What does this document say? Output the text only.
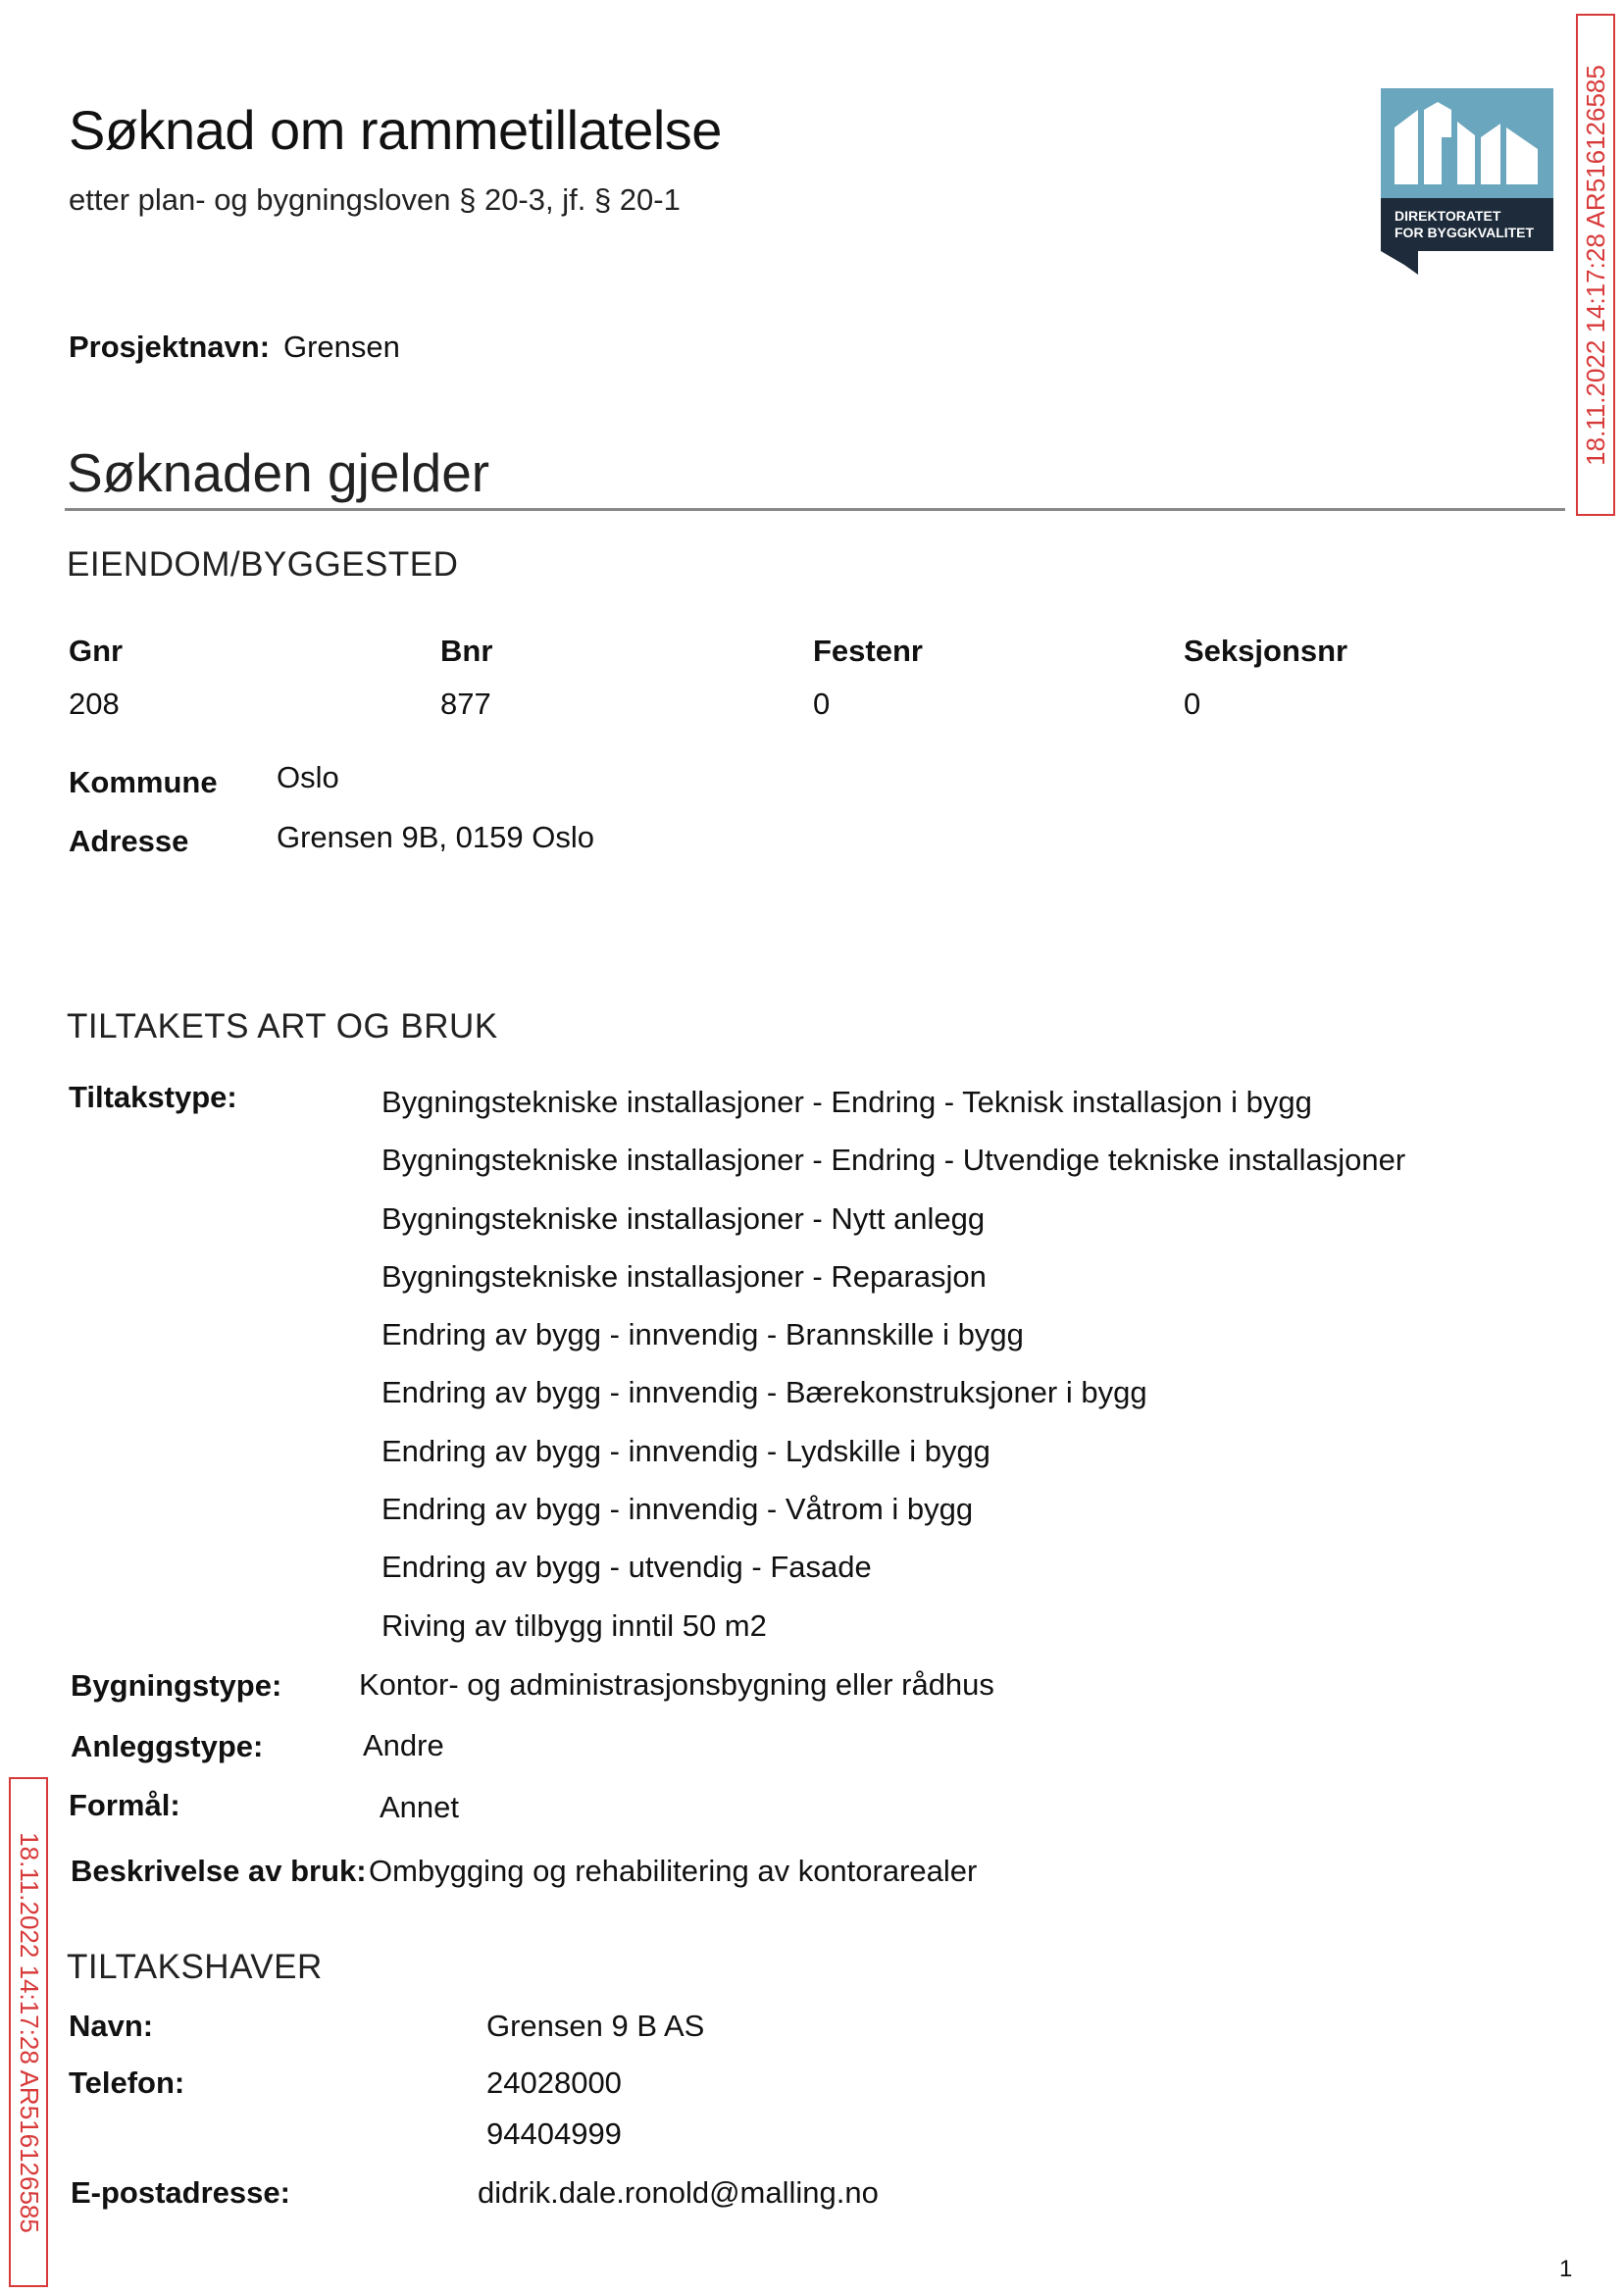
Søknad om rammetillatelse
etter plan- og bygningsloven § 20-3, jf. § 20-1	DIREKTORATET
FOR BYGGKVALITET 18.11.2022 14:17:28 AR516126585
18.11.2022 14:17:28 AR516126585
Prosjektnavn: Grensen
Søknaden gjelder
EIENDOM/BYGGESTED
Gnr	Bnr	Festenr	Seksjonsnr
208	877	0	0
Kommune Oslo
Adresse	Grensen 9B, 0159 Oslo
TILTAKETS ART OG BRUK
Tiltakstype:	Bygningstekniske installasjoner - Endring - Teknisk installasjon i bygg
Bygningstekniske installasjoner - Endring - Utvendige tekniske installasjoner
Bygningstekniske installasjoner - Nytt anlegg
Bygningstekniske installasjoner - Reparasjon
Endring av bygg - innvendig - Brannskille i bygg
Endring av bygg - innvendig - Bærekonstruksjoner i bygg
Endring av bygg - innvendig - Lydskille i bygg
Endring av bygg - innvendig - Våtrom i bygg
Endring av bygg - utvendig - Fasade
Riving av tilbygg inntil 50 m2
Bygningstype:	Kontor- og administrasjonsbygning eller rådhus
Anleggstype:	Andre
Formål:	Annet
Beskrivelse av bruk: Ombygging og rehabilitering av kontorarealer
TILTAKSHAVER
Navn:	Grensen 9 B AS
Telefon:	24028000
94404999
E-postadresse:	didrik.dale.ronold@malling.no
1
